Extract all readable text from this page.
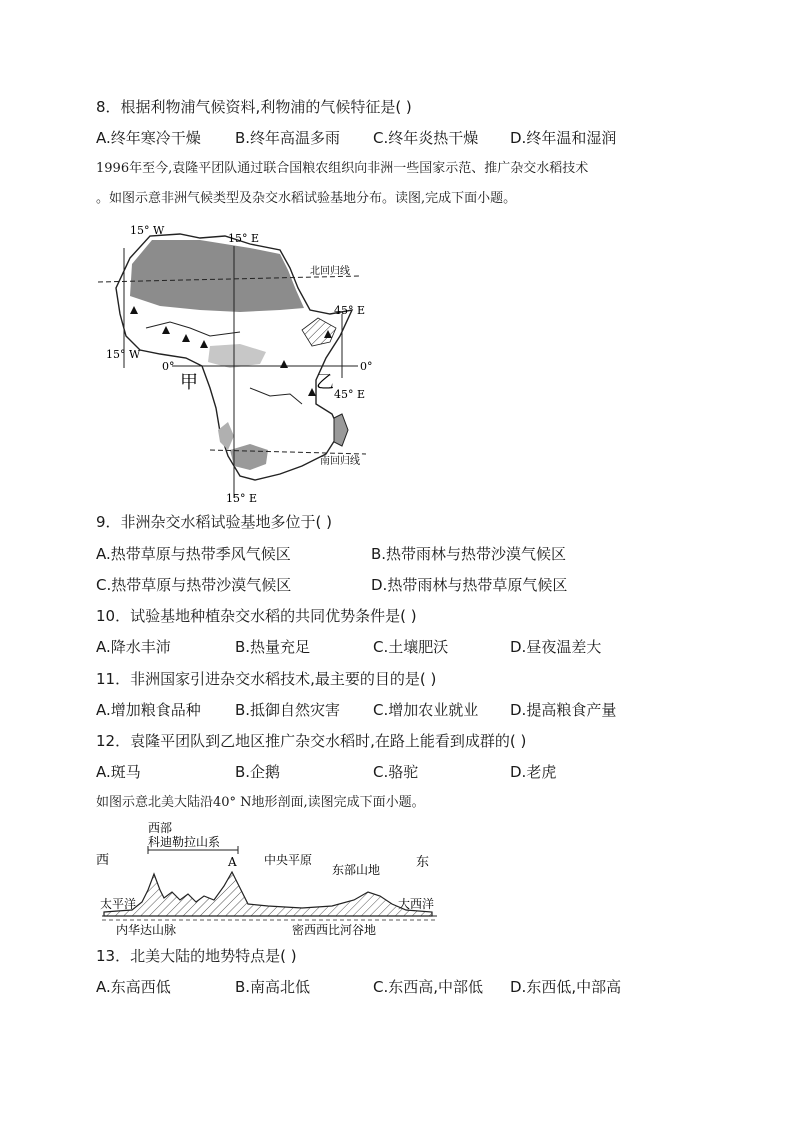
8．根据利物浦气候资料,利物浦的气候特征是( )
A.终年寒冷干燥 B.终年高温多雨 C.终年炎热干燥 D.终年温和湿润
1996年至今,袁隆平团队通过联合国粮农组织向非洲一些国家示范、推广杂交水稻技术
。如图示意非洲气候类型及杂交水稻试验基地分布。读图,完成下面小题。
15° W
15° W
15° E
15° E
45° E
45° E
0°	0°
北回归线
南回归线
甲	乙
9．非洲杂交水稻试验基地多位于( )
A.热带草原与热带季风气候区	B.热带雨林与热带沙漠气候区
C.热带草原与热带沙漠气候区	D.热带雨林与热带草原气候区
10．试验基地种植杂交水稻的共同优势条件是( )
A.降水丰沛	B.热量充足	C.土壤肥沃	D.昼夜温差大
11．非洲国家引进杂交水稻技术,最主要的目的是( )
A.增加粮食品种 B.抵御自然灾害 C.增加农业就业 D.提高粮食产量
12．袁隆平团队到乙地区推广杂交水稻时,在路上能看到成群的( )
A.斑马	B.企鹅	C.骆驼	D.老虎
如图示意北美大陆沿40° N地形剖面,读图完成下面小题。
西部
科迪勒拉山系
西	东
A 中央平原
东部山地
太平洋	大西洋
内华达山脉	密西西比河谷地
13．北美大陆的地势特点是( )
A.东高西低	B.南高北低	C.东西高,中部低 D.东西低,中部高
